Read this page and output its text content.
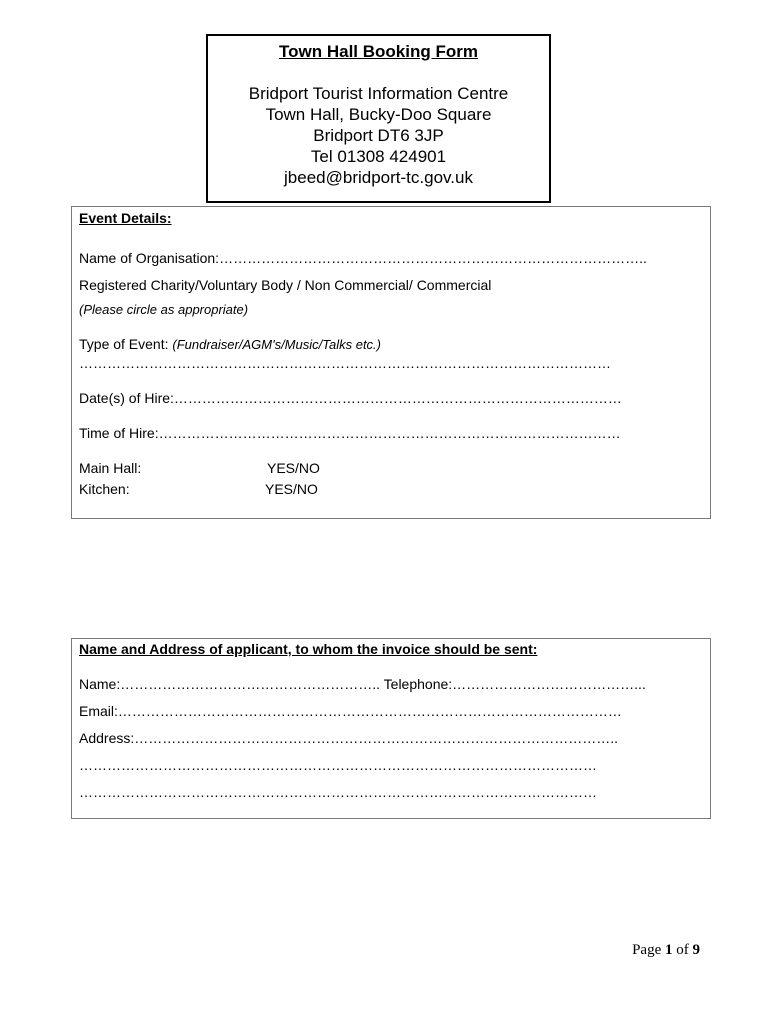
Town Hall Booking Form
Bridport Tourist Information Centre
Town Hall, Bucky-Doo Square
Bridport DT6 3JP
Tel 01308 424901
jbeed@bridport-tc.gov.uk
Event Details:
Name of Organisation:………………………………………………………………………………..
Registered Charity/Voluntary Body / Non Commercial/ Commercial
(Please circle as appropriate)
Type of Event: (Fundraiser/AGM's/Music/Talks etc.)
……………………………………………………………………………………………………
Date(s) of Hire:……………………………………………………………………………………
Time of Hire:………………………………………………………………………………………
Main Hall:	YES/NO
Kitchen:	YES/NO
Name and Address of applicant, to whom the invoice should be sent:
Name:……………………………………………….. Telephone:…………………………………...
Email:………………………………………………………………………………………………
Address:…………………………………………………………………………………………..
…………………………………………………………………………………………………
…………………………………………………………………………………………………
Page 1 of 9
